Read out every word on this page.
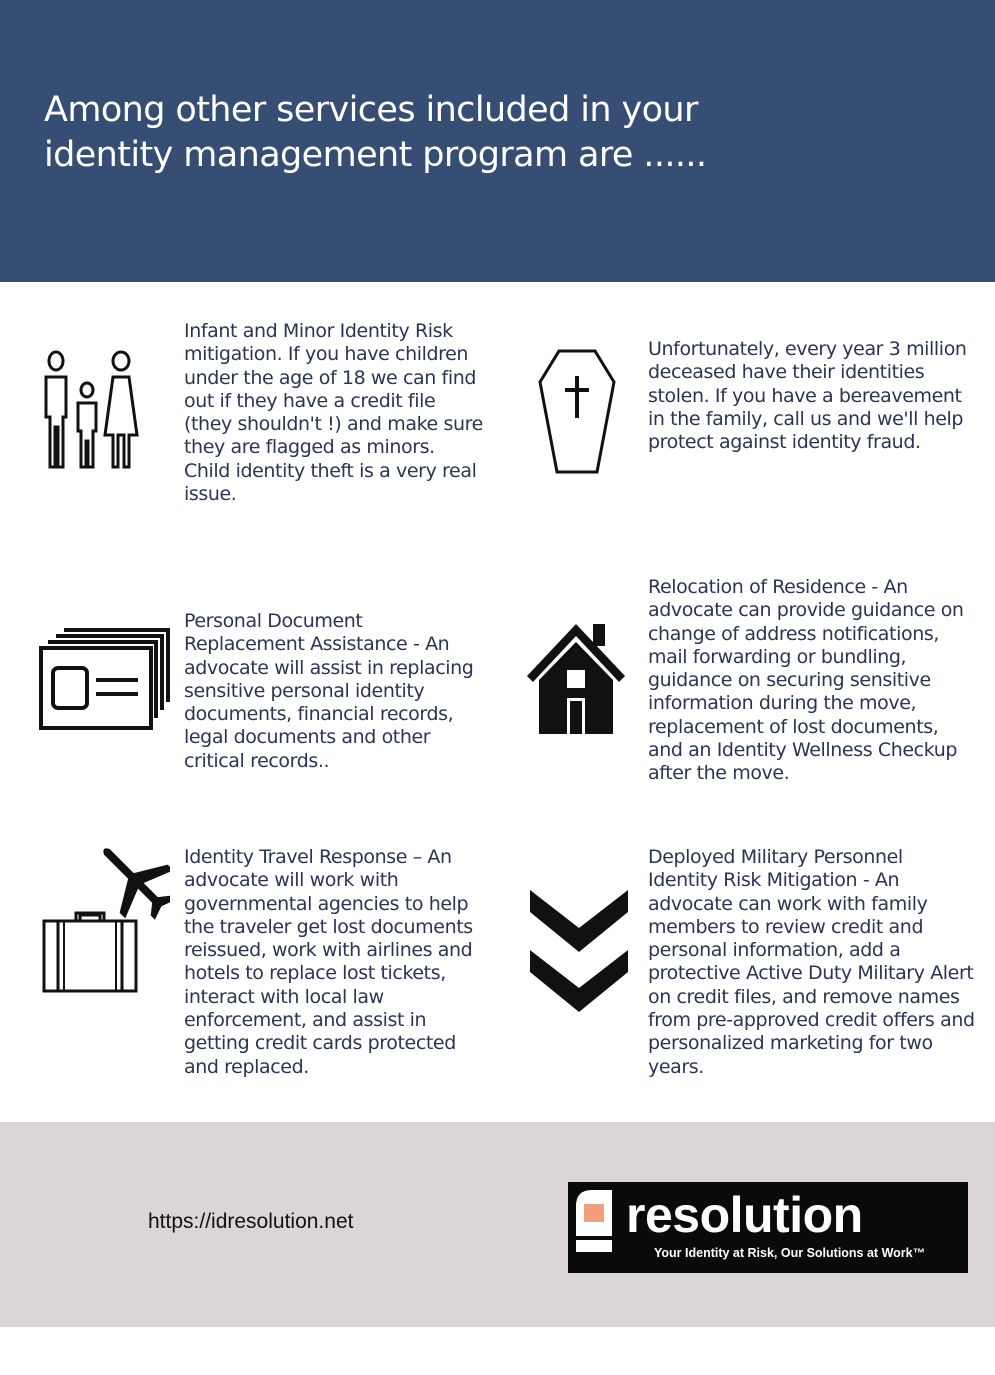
Among other services included in your identity management program are ......
Infant and Minor Identity Risk mitigation. If you have children under the age of 18 we can find out if they have a credit file (they shouldn't !) and make sure they are flagged as minors. Child identity theft is a very real issue.
Unfortunately, every year 3 million deceased have their identities stolen. If you have a bereavement in the family, call us and we'll help protect against identity fraud.
Personal Document Replacement Assistance - An advocate will assist in replacing sensitive personal identity documents, financial records, legal documents and other critical records..
Relocation of Residence - An advocate can provide guidance on change of address notifications, mail forwarding or bundling, guidance on securing sensitive information during the move, replacement of lost documents, and an Identity Wellness Checkup after the move.
Identity Travel Response – An advocate will work with governmental agencies to help the traveler get lost documents reissued, work with airlines and hotels to replace lost tickets, interact with local law enforcement, and assist in getting credit cards protected and replaced.
Deployed Military Personnel Identity Risk Mitigation - An advocate can work with family members to review credit and personal information, add a protective Active Duty Military Alert on credit files, and remove names from pre-approved credit offers and personalized marketing for two years.
https://idresolution.net	resolution
Your Identity at Risk, Our Solutions at Work™
